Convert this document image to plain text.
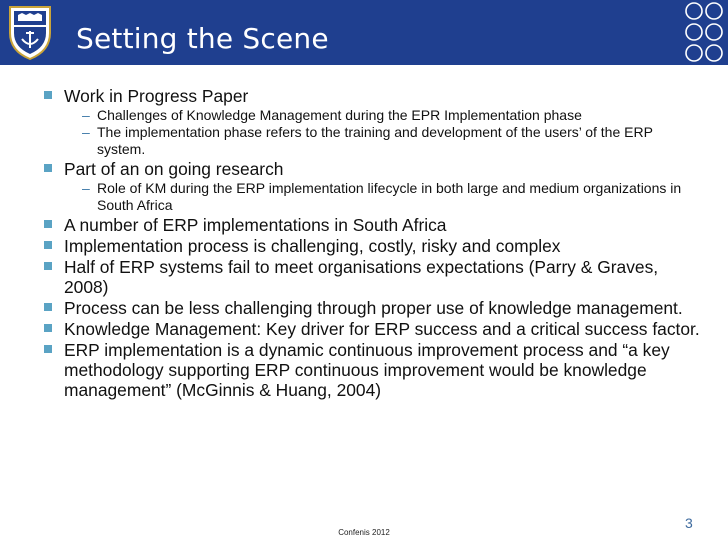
Setting the Scene
Work in Progress Paper
– Challenges of Knowledge Management during the EPR Implementation phase
– The implementation phase refers to the training and development of the users’ of the ERP system.
Part of an on going research
– Role of KM during the ERP implementation lifecycle in both large and medium organizations in South Africa
A number of ERP implementations in South Africa
Implementation process is challenging, costly, risky and complex
Half of ERP systems fail to meet organisations expectations (Parry & Graves, 2008)
Process can be less challenging through proper use of knowledge management.
Knowledge Management: Key driver for ERP success and a critical success factor.
ERP implementation is a dynamic continuous improvement process and “a key methodology supporting ERP continuous improvement would be knowledge management” (McGinnis & Huang, 2004)
3
Confenis 2012
